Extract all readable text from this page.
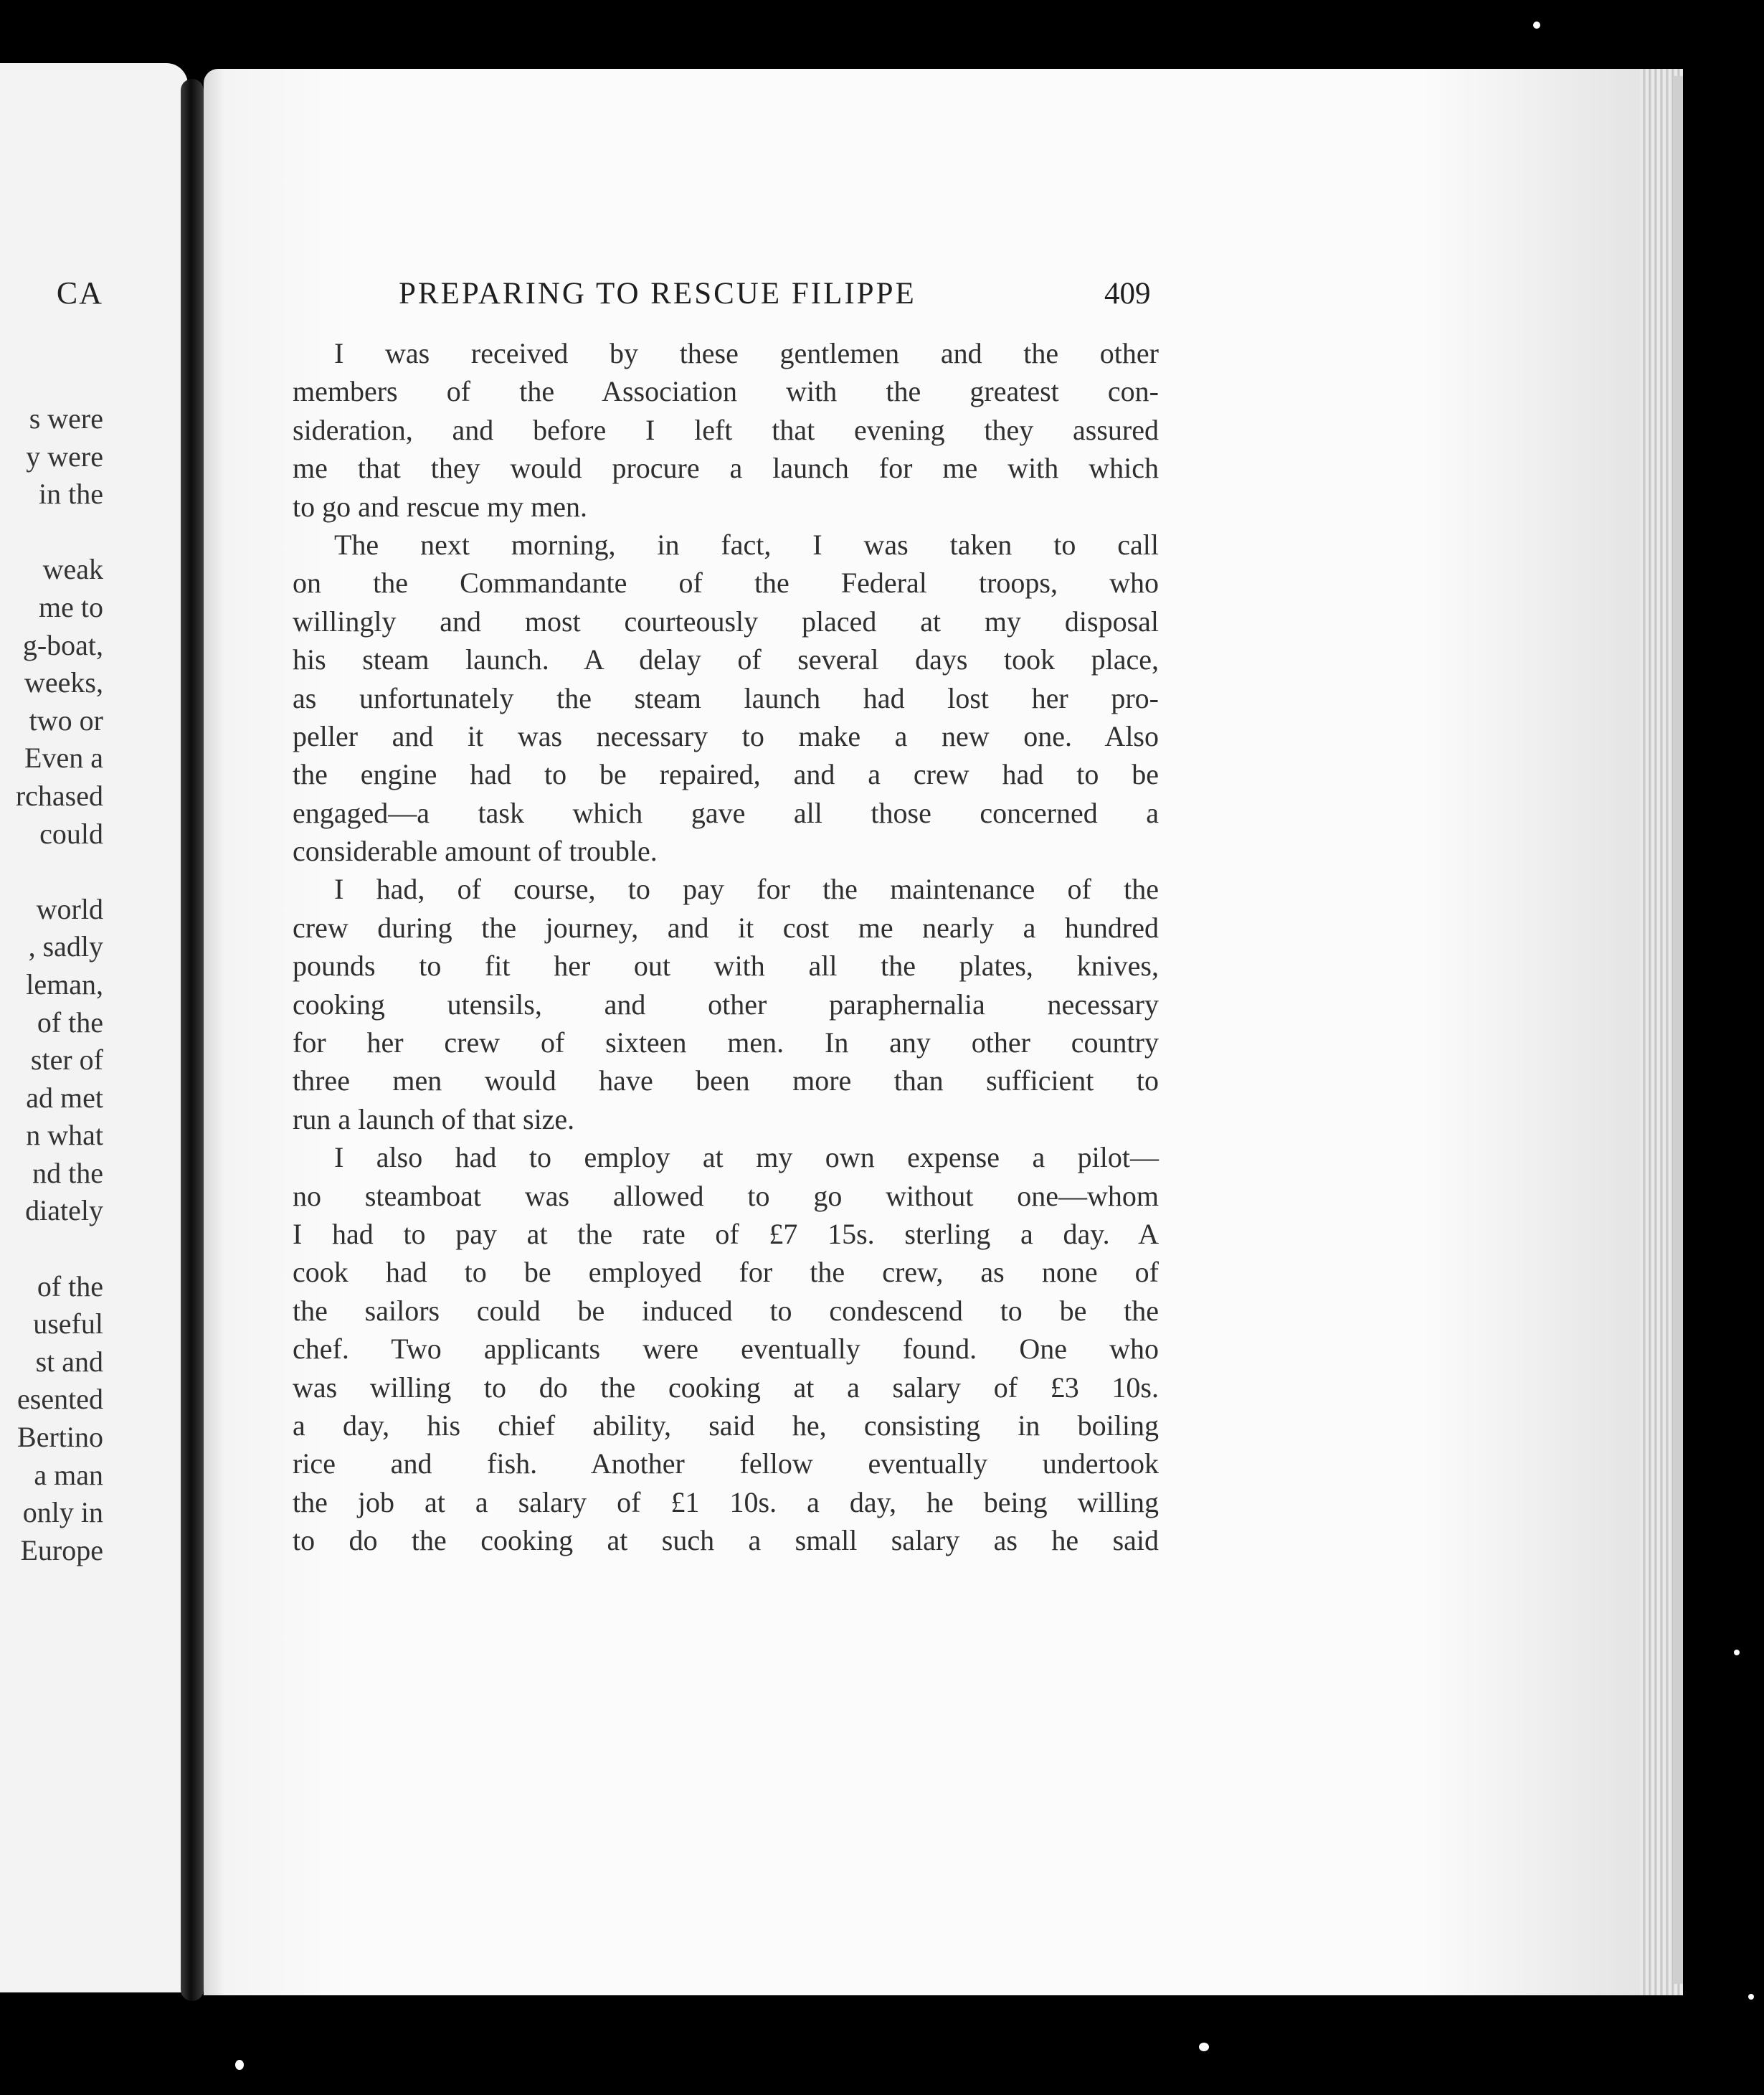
CA
s were
y were
in the
weak
me to
g-boat,
weeks,
two or
Even a
rchased
could
world
, sadly
leman,
of the
ster of
ad met
n what
nd the
diately
of the
useful
st and
esented
Bertino
a man
only in
Europe
PREPARING TO RESCUE FILIPPE	409
I was received by these gentlemen and the other
members of the Association with the greatest con-
sideration, and before I left that evening they assured
me that they would procure a launch for me with which
to go and rescue my men.
The next morning, in fact, I was taken to call
on the Commandante of the Federal troops, who
willingly and most courteously placed at my disposal
his steam launch. A delay of several days took place,
as unfortunately the steam launch had lost her pro-
peller and it was necessary to make a new one. Also
the engine had to be repaired, and a crew had to be
engaged—a task which gave all those concerned a
considerable amount of trouble.
I had, of course, to pay for the maintenance of the
crew during the journey, and it cost me nearly a hundred
pounds to fit her out with all the plates, knives,
cooking utensils, and other paraphernalia necessary
for her crew of sixteen men. In any other country
three men would have been more than sufficient to
run a launch of that size.
I also had to employ at my own expense a pilot—
no steamboat was allowed to go without one—whom
I had to pay at the rate of £7 15s. sterling a day. A
cook had to be employed for the crew, as none of
the sailors could be induced to condescend to be the
chef. Two applicants were eventually found. One who
was willing to do the cooking at a salary of £3 10s.
a day, his chief ability, said he, consisting in boiling
rice and fish. Another fellow eventually undertook
the job at a salary of £1 10s. a day, he being willing
to do the cooking at such a small salary as he said
